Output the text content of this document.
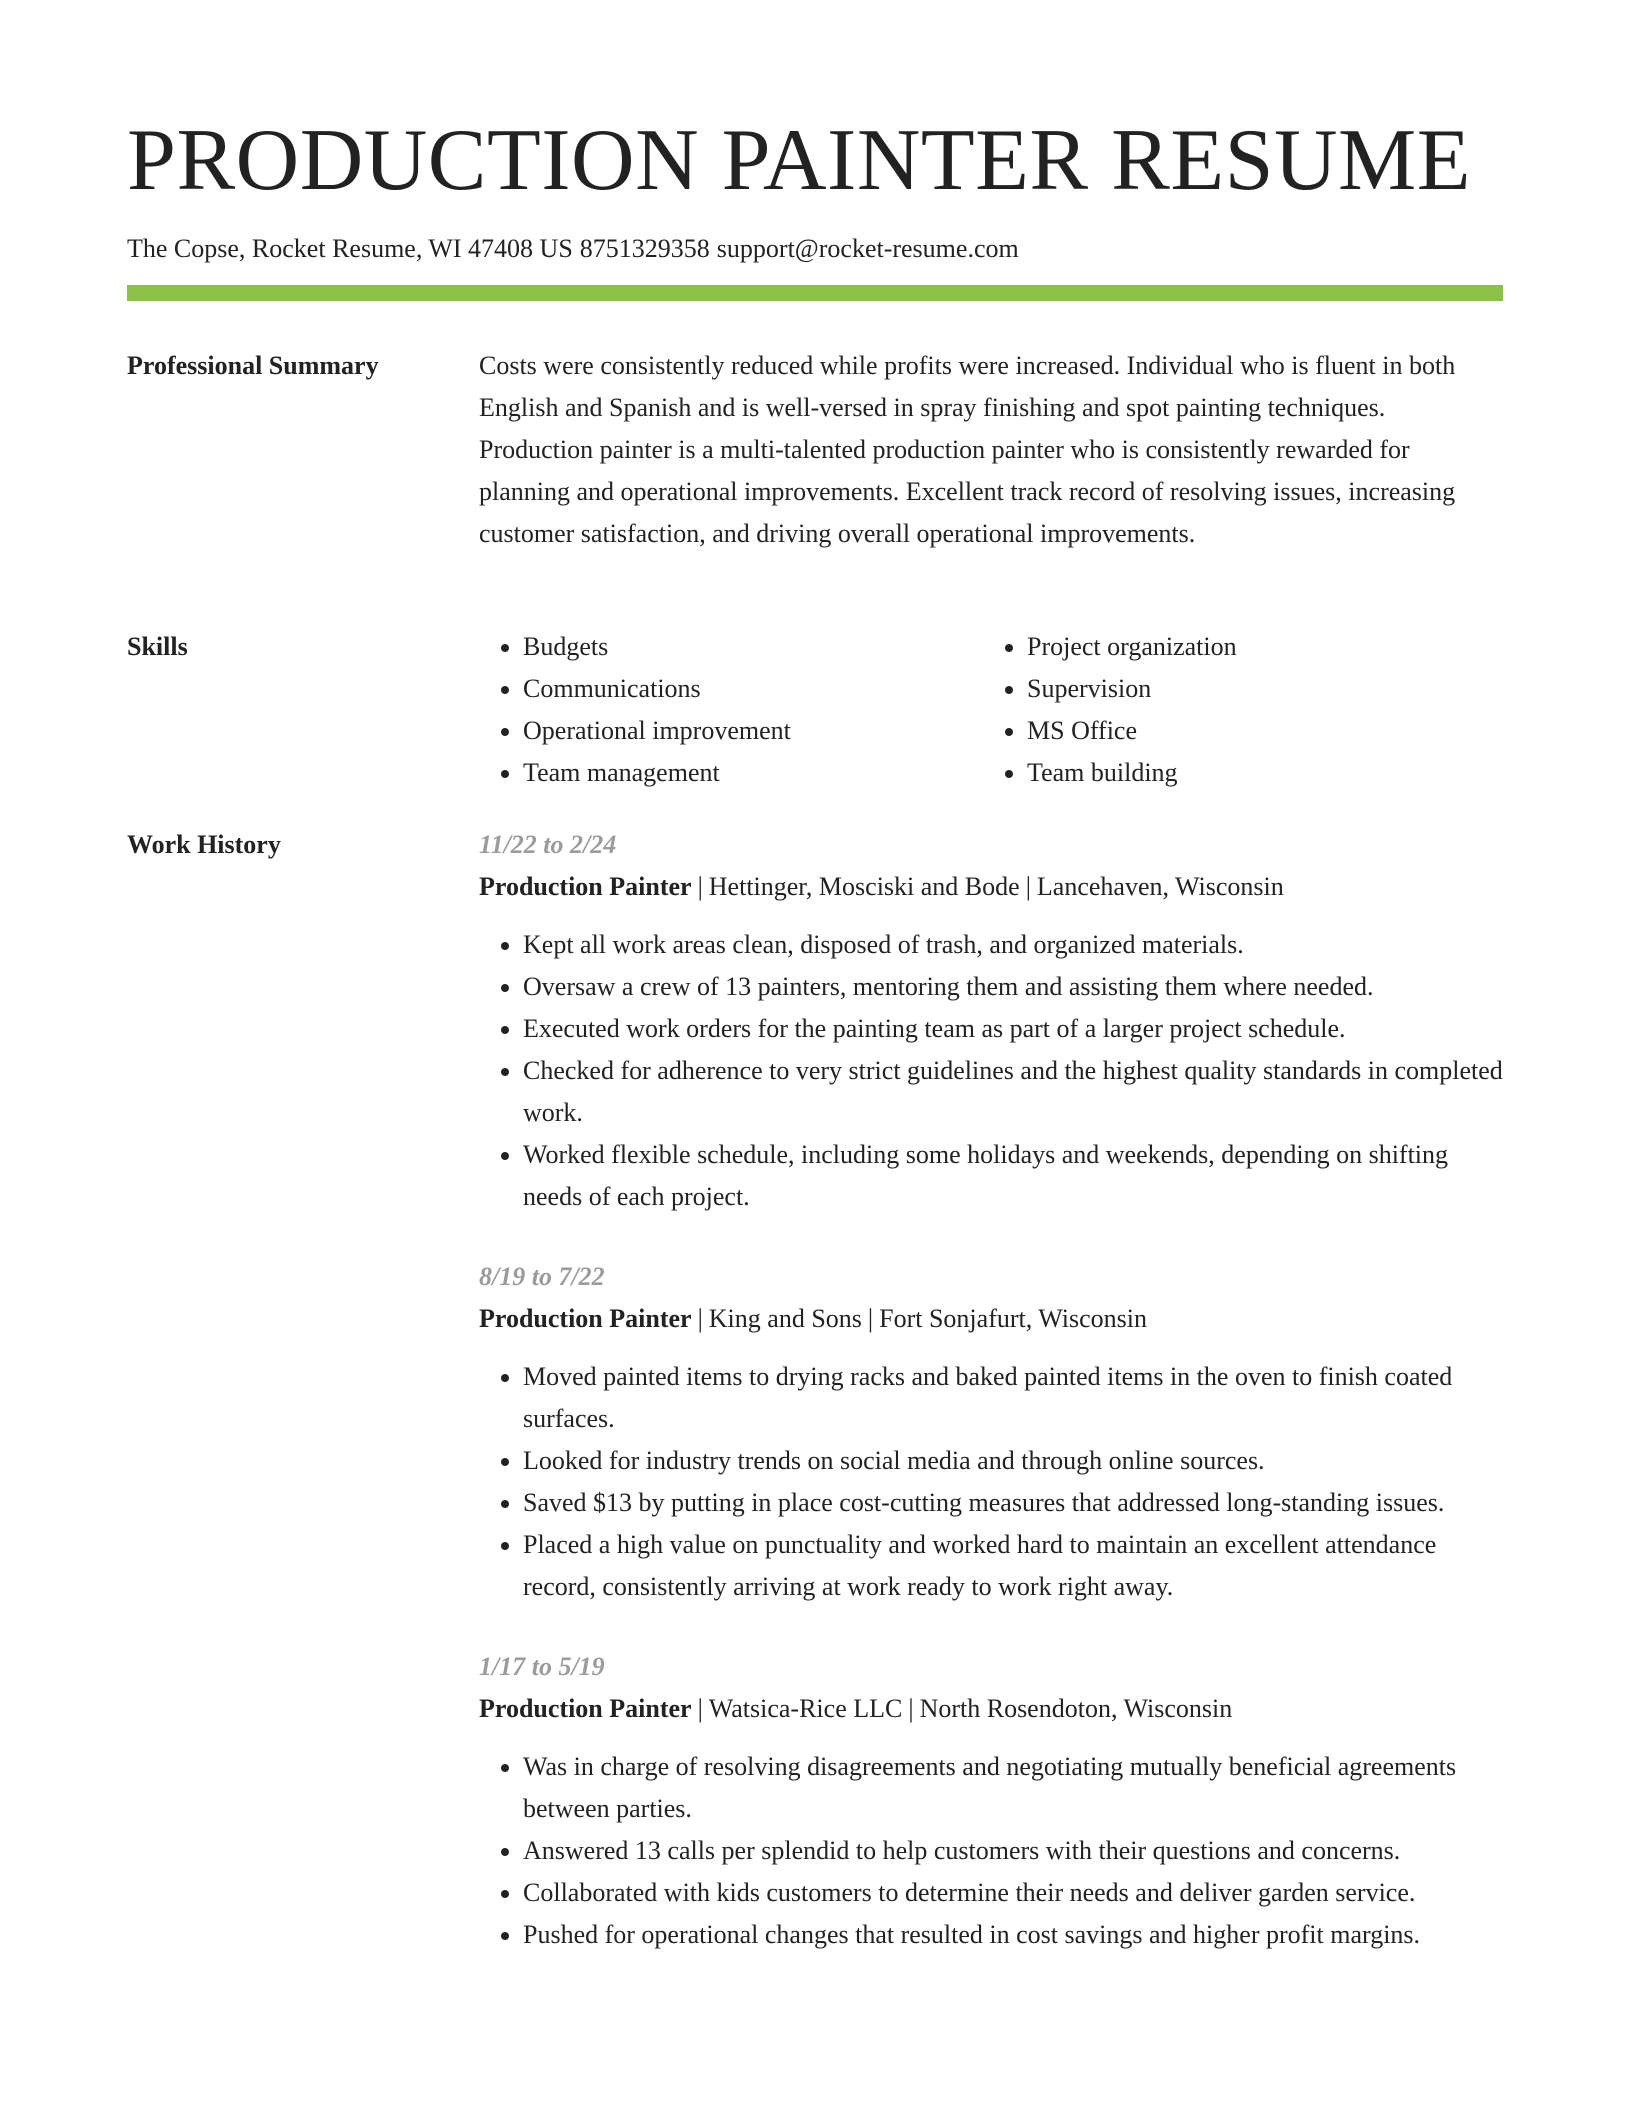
PRODUCTION PAINTER RESUME
The Copse, Rocket Resume, WI 47408 US 8751329358 support@rocket-resume.com
Professional Summary	Costs were consistently reduced while profits were increased. Individual who is fluent in both English and Spanish and is well-versed in spray finishing and spot painting techniques. Production painter is a multi-talented production painter who is consistently rewarded for planning and operational improvements. Excellent track record of resolving issues, increasing customer satisfaction, and driving overall operational improvements.

Skills
•	Budgets
• Communications
• Operational improvement
• Team management
• Project organization
• Supervision
• MS Office
• Team building
Work History	11/22 to 2/24
Production Painter | Hettinger, Mosciski and Bode | Lancehaven, Wisconsin
• Kept all work areas clean, disposed of trash, and organized materials.
• Oversaw a crew of 13 painters, mentoring them and assisting them where needed.
• Executed work orders for the painting team as part of a larger project schedule.
• Checked for adherence to very strict guidelines and the highest quality standards in completed work.
• Worked flexible schedule, including some holidays and weekends, depending on shifting needs of each project.
8/19 to 7/22
Production Painter | King and Sons | Fort Sonjafurt, Wisconsin
• Moved painted items to drying racks and baked painted items in the oven to finish coated surfaces.
• Looked for industry trends on social media and through online sources.
• Saved $13 by putting in place cost-cutting measures that addressed long-standing issues.
• Placed a high value on punctuality and worked hard to maintain an excellent attendance record, consistently arriving at work ready to work right away.
1/17 to 5/19
Production Painter | Watsica-Rice LLC | North Rosendoton, Wisconsin
• Was in charge of resolving disagreements and negotiating mutually beneficial agreements between parties.
• Answered 13 calls per splendid to help customers with their questions and concerns.
• Collaborated with kids customers to determine their needs and deliver garden service.
• Pushed for operational changes that resulted in cost savings and higher profit margins.
